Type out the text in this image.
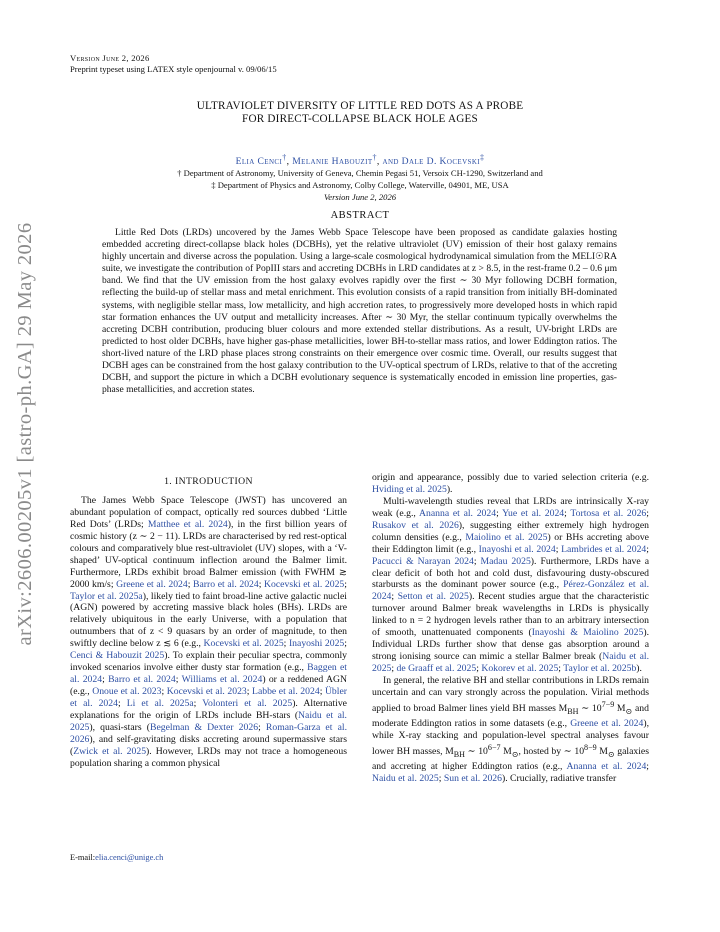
arXiv:2606.00205v1 [astro-ph.GA] 29 May 2026
Version June 2, 2026
Preprint typeset using LATEX style openjournal v. 09/06/15
ULTRAVIOLET DIVERSITY OF LITTLE RED DOTS AS A PROBE
FOR DIRECT-COLLAPSE BLACK HOLE AGES
Elia Cenci†, Melanie Habouzit†, and Dale D. Kocevski‡
† Department of Astronomy, University of Geneva, Chemin Pegasi 51, Versoix CH-1290, Switzerland and
‡ Department of Physics and Astronomy, Colby College, Waterville, 04901, ME, USA
Version June 2, 2026
ABSTRACT

Little Red Dots (LRDs) uncovered by the James Webb Space Telescope have been proposed as candidate galaxies hosting embedded accreting direct-collapse black holes (DCBHs), yet the relative ultraviolet (UV) emission of their host galaxy remains highly uncertain and diverse across the population. Using a large-scale cosmological hydrodynamical simulation from the MELI☉RA suite, we investigate the contribution of PopIII stars and accreting DCBHs in LRD candidates at z > 8.5, in the rest-frame 0.2 – 0.6 μm band. We find that the UV emission from the host galaxy evolves rapidly over the first ∼ 30 Myr following DCBH formation, reflecting the build-up of stellar mass and metal enrichment. This evolution consists of a rapid transition from initially BH-dominated systems, with negligible stellar mass, low metallicity, and high accretion rates, to progressively more developed hosts in which rapid star formation enhances the UV output and metallicity increases. After ∼ 30 Myr, the stellar continuum typically overwhelms the accreting DCBH contribution, producing bluer colours and more extended stellar distributions. As a result, UV-bright LRDs are predicted to host older DCBHs, have higher gas-phase metallicities, lower BH-to-stellar mass ratios, and lower Eddington ratios. The short-lived nature of the LRD phase places strong constraints on their emergence over cosmic time. Overall, our results suggest that DCBH ages can be constrained from the host galaxy contribution to the UV-optical spectrum of LRDs, relative to that of the accreting DCBH, and support the picture in which a DCBH evolutionary sequence is systematically encoded in emission line properties, gas-phase metallicities, and accretion states.

1. INTRODUCTION

The James Webb Space Telescope (JWST) has uncovered an abundant population of compact, optically red sources dubbed ‘Little Red Dots’ (LRDs; Matthee et al. 2024), in the first billion years of cosmic history (z ∼ 2 − 11). LRDs are characterised by red rest-optical colours and comparatively blue rest-ultraviolet (UV) slopes, with a ‘V-shaped’ UV-optical continuum inflection around the Balmer limit. Furthermore, LRDs exhibit broad Balmer emission (with FWHM ≳ 2000 km/s; Greene et al. 2024; Barro et al. 2024; Kocevski et al. 2025; Taylor et al. 2025a), likely tied to faint broad-line active galactic nuclei (AGN) powered by accreting massive black holes (BHs). LRDs are relatively ubiquitous in the early Universe, with a population that outnumbers that of z < 9 quasars by an order of magnitude, to then swiftly decline below z ≲ 6 (e.g., Kocevski et al. 2025; Inayoshi 2025; Cenci & Habouzit 2025). To explain their peculiar spectra, commonly invoked scenarios involve either dusty star formation (e.g., Baggen et al. 2024; Barro et al. 2024; Williams et al. 2024) or a reddened AGN (e.g., Onoue et al. 2023; Kocevski et al. 2023; Labbe et al. 2024; Übler et al. 2024; Li et al. 2025a; Volonteri et al. 2025). Alternative explanations for the origin of LRDs include BH-stars (Naidu et al. 2025), quasi-stars (Begelman & Dexter 2026; Roman-Garza et al. 2026), and self-gravitating disks accreting around supermassive stars (Zwick et al. 2025). However, LRDs may not trace a homogeneous population sharing a common physical

origin and appearance, possibly due to varied selection criteria (e.g. Hviding et al. 2025).

Multi-wavelength studies reveal that LRDs are intrinsically X-ray weak (e.g., Ananna et al. 2024; Yue et al. 2024; Tortosa et al. 2026; Rusakov et al. 2026), suggesting either extremely high hydrogen column densities (e.g., Maiolino et al. 2025) or BHs accreting above their Eddington limit (e.g., Inayoshi et al. 2024; Lambrides et al. 2024; Pacucci & Narayan 2024; Madau 2025). Furthermore, LRDs have a clear deficit of both hot and cold dust, disfavouring dusty-obscured starbursts as the dominant power source (e.g., Pérez-González et al. 2024; Setton et al. 2025). Recent studies argue that the characteristic turnover around Balmer break wavelengths in LRDs is physically linked to n = 2 hydrogen levels rather than to an arbitrary intersection of smooth, unattenuated components (Inayoshi & Maiolino 2025). Individual LRDs further show that dense gas absorption around a strong ionising source can mimic a stellar Balmer break (Naidu et al. 2025; de Graaff et al. 2025; Kokorev et al. 2025; Taylor et al. 2025b).

In general, the relative BH and stellar contributions in LRDs remain uncertain and can vary strongly across the population. Virial methods applied to broad Balmer lines yield BH masses $M_{BH}$ ∼ $10^{7-9}$ $M_⊙$ and moderate Eddington ratios in some datasets (e.g., Greene et al. 2024), while X-ray stacking and population-level spectral analyses favour lower BH masses, $M_{BH}$ ∼ $10^{6-7}$ $M_⊙$, hosted by ∼ $10^{8-9}$ $M_⊙$ galaxies and accreting at higher Eddington ratios (e.g., Ananna et al. 2024; Naidu et al. 2025; Sun et al. 2026). Crucially, radiative transfer

E-mail:elia.cenci@unige.ch
